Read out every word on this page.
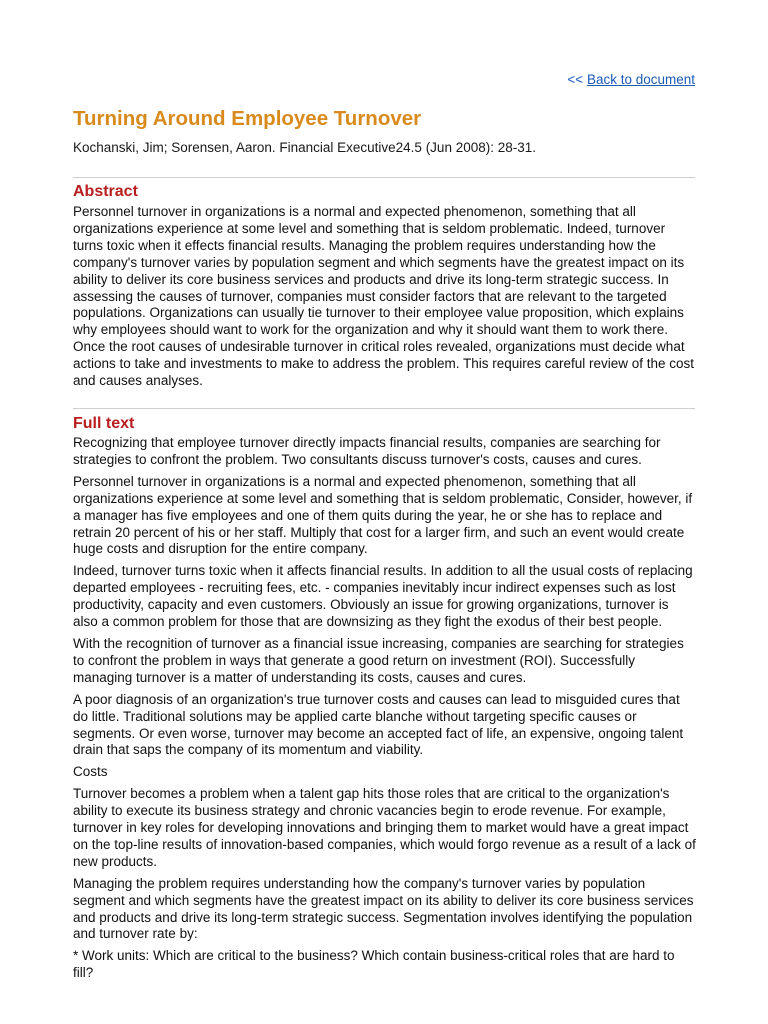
<< Back to document
Turning Around Employee Turnover
Kochanski, Jim; Sorensen, Aaron. Financial Executive24.5 (Jun 2008): 28-31.
Abstract

Personnel turnover in organizations is a normal and expected phenomenon, something that all organizations experience at some level and something that is seldom problematic. Indeed, turnover turns toxic when it effects financial results. Managing the problem requires understanding how the company's turnover varies by population segment and which segments have the greatest impact on its ability to deliver its core business services and products and drive its long-term strategic success. In assessing the causes of turnover, companies must consider factors that are relevant to the targeted populations. Organizations can usually tie turnover to their employee value proposition, which explains why employees should want to work for the organization and why it should want them to work there. Once the root causes of undesirable turnover in critical roles revealed, organizations must decide what actions to take and investments to make to address the problem. This requires careful review of the cost and causes analyses.

Full text

Recognizing that employee turnover directly impacts financial results, companies are searching for strategies to confront the problem. Two consultants discuss turnover's costs, causes and cures.

Personnel turnover in organizations is a normal and expected phenomenon, something that all organizations experience at some level and something that is seldom problematic, Consider, however, if a manager has five employees and one of them quits during the year, he or she has to replace and retrain 20 percent of his or her staff. Multiply that cost for a larger firm, and such an event would create huge costs and disruption for the entire company.

Indeed, turnover turns toxic when it affects financial results. In addition to all the usual costs of replacing departed employees - recruiting fees, etc. - companies inevitably incur indirect expenses such as lost productivity, capacity and even customers. Obviously an issue for growing organizations, turnover is also a common problem for those that are downsizing as they fight the exodus of their best people.

With the recognition of turnover as a financial issue increasing, companies are searching for strategies to confront the problem in ways that generate a good return on investment (ROI). Successfully managing turnover is a matter of understanding its costs, causes and cures.

A poor diagnosis of an organization's true turnover costs and causes can lead to misguided cures that do little. Traditional solutions may be applied carte blanche without targeting specific causes or segments. Or even worse, turnover may become an accepted fact of life, an expensive, ongoing talent drain that saps the company of its momentum and viability.

Costs

Turnover becomes a problem when a talent gap hits those roles that are critical to the organization's ability to execute its business strategy and chronic vacancies begin to erode revenue. For example, turnover in key roles for developing innovations and bringing them to market would have a great impact on the top-line results of innovation-based companies, which would forgo revenue as a result of a lack of new products.

Managing the problem requires understanding how the company's turnover varies by population segment and which segments have the greatest impact on its ability to deliver its core business services and products and drive its long-term strategic success. Segmentation involves identifying the population and turnover rate by:

* Work units: Which are critical to the business? Which contain business-critical roles that are hard to fill?
